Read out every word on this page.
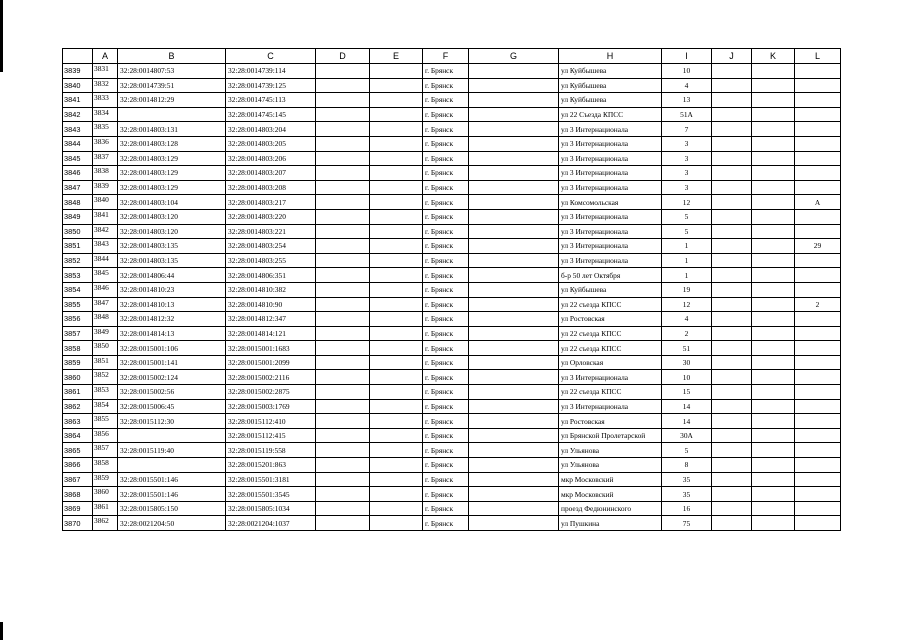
	A	B	C	D	E	F	G	H	I	J	K	L
3839	3831	32:28:0014807:53	32:28:0014739:114			г. Брянск		ул Куйбышева	10			
3840	3832	32:28:0014739:51	32:28:0014739:125			г. Брянск		ул Куйбышева	4			
3841	3833	32:28:0014812:29	32:28:0014745:113			г. Брянск		ул Куйбышева	13			
3842	3834		32:28:0014745:145			г. Брянск		ул 22 Съезда КПСС	51А			
3843	3835	32:28:0014803:131	32:28:0014803:204			г. Брянск		ул 3 Интернационала	7			
3844	3836	32:28:0014803:128	32:28:0014803:205			г. Брянск		ул 3 Интернационала	3			
3845	3837	32:28:0014803:129	32:28:0014803:206			г. Брянск		ул 3 Интернационала	3			
3846	3838	32:28:0014803:129	32:28:0014803:207			г. Брянск		ул 3 Интернационала	3			
3847	3839	32:28:0014803:129	32:28:0014803:208			г. Брянск		ул 3 Интернационала	3			
3848	3840	32:28:0014803:104	32:28:0014803:217			г. Брянск		ул Комсомольская	12			А
3849	3841	32:28:0014803:120	32:28:0014803:220			г. Брянск		ул 3 Интернационала	5			
3850	3842	32:28:0014803:120	32:28:0014803:221			г. Брянск		ул 3 Интернационала	5			
3851	3843	32:28:0014803:135	32:28:0014803:254			г. Брянск		ул 3 Интернационала	1			29
3852	3844	32:28:0014803:135	32:28:0014803:255			г. Брянск		ул 3 Интернационала	1			
3853	3845	32:28:0014806:44	32:28:0014806:351			г. Брянск		б-р 50 лет Октября	1			
3854	3846	32:28:0014810:23	32:28:0014810:382			г. Брянск		ул Куйбышева	19			
3855	3847	32:28:0014810:13	32:28:0014810:90			г. Брянск		ул 22 съезда КПСС	12			2
3856	3848	32:28:0014812:32	32:28:0014812:347			г. Брянск		ул Ростовская	4			
3857	3849	32:28:0014814:13	32:28:0014814:121			г. Брянск		ул 22 съезда КПСС	2			
3858	3850	32:28:0015001:106	32:28:0015001:1683			г. Брянск		ул 22 съезда КПСС	51			
3859	3851	32:28:0015001:141	32:28:0015001:2099			г. Брянск		ул Орловская	30			
3860	3852	32:28:0015002:124	32:28:0015002:2116			г. Брянск		ул 3 Интернационала	10			
3861	3853	32:28:0015002:56	32:28:0015002:2875			г. Брянск		ул 22 съезда КПСС	15			
3862	3854	32:28:0015006:45	32:28:0015003:1769			г. Брянск		ул 3 Интернационала	14			
3863	3855	32:28:0015112:30	32:28:0015112:410			г. Брянск		ул Ростовская	14			
3864	3856		32:28:0015112:415			г. Брянск		ул Брянской Пролетарской	30А			
3865	3857	32:28:0015119:40	32:28:0015119:558			г. Брянск		ул Ульянова	5			
3866	3858		32:28:0015201:863			г. Брянск		ул Ульянова	8			
3867	3859	32:28:0015501:146	32:28:0015501:3181			г. Брянск		мкр Московский	35			
3868	3860	32:28:0015501:146	32:28:0015501:3545			г. Брянск		мкр Московский	35			
3869	3861	32:28:0015805:150	32:28:0015805:1034			г. Брянск		проезд Федюнинского	16			
3870	3862	32:28:0021204:50	32:28:0021204:1037			г. Брянск		ул Пушкина	75			
